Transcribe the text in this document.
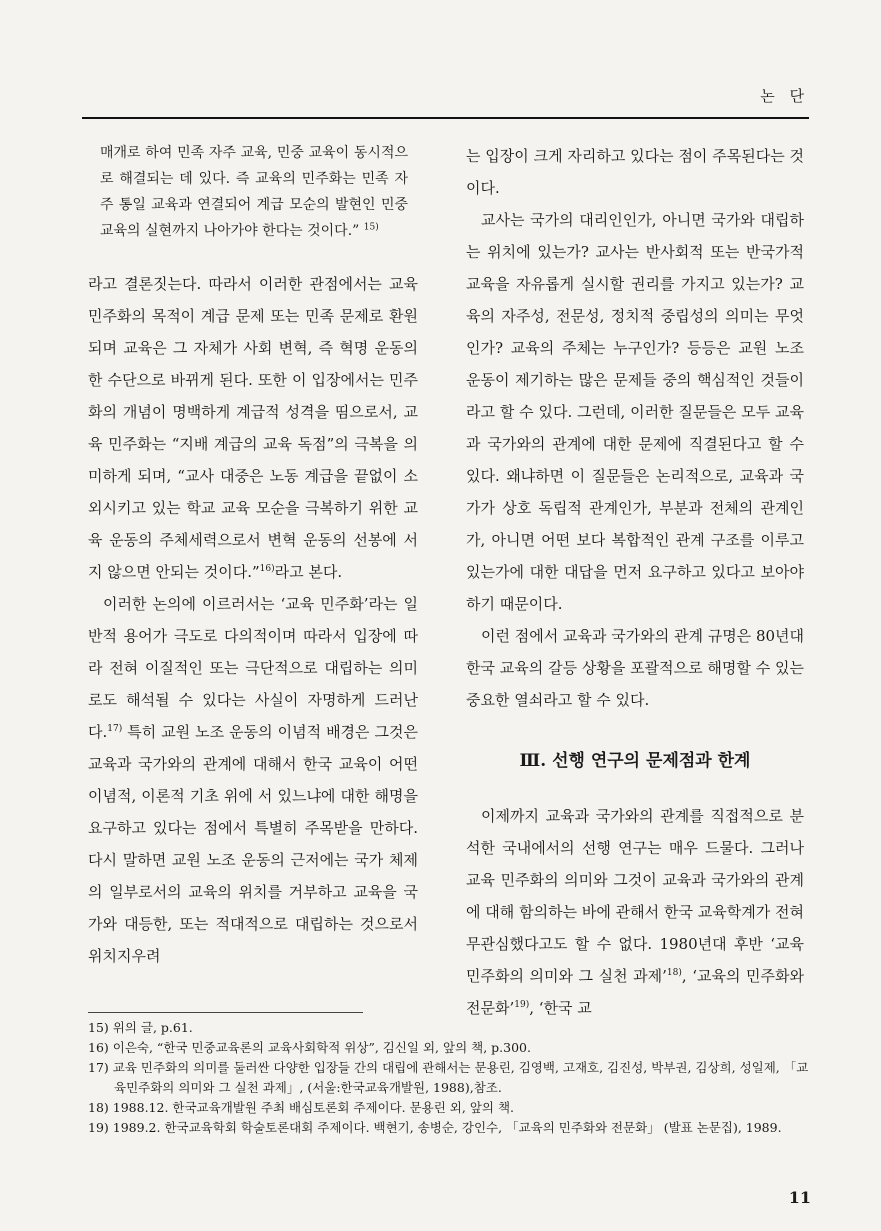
논 단

매개로 하여 민족 자주 교육, 민중 교육이 동시적으로 해결되는 데 있다. 즉 교육의 민주화는 민족 자주 통일 교육과 연결되어 계급 모순의 발현인 민중 교육의 실현까지 나아가야 한다는 것이다.” $^{15)}$

라고 결론짓는다. 따라서 이러한 관점에서는 교육 민주화의 목적이 계급 문제 또는 민족 문제로 환원되며 교육은 그 자체가 사회 변혁, 즉 혁명 운동의 한 수단으로 바뀌게 된다. 또한 이 입장에서는 민주화의 개념이 명백하게 계급적 성격을 띰으로서, 교육 민주화는 “지배 계급의 교육 독점”의 극복을 의미하게 되며, “교사 대중은 노동 계급을 끝없이 소외시키고 있는 학교 교육 모순을 극복하기 위한 교육 운동의 주체세력으로서 변혁 운동의 선봉에 서지 않으면 안되는 것이다.”$^{16)}$라고 본다.

이러한 논의에 이르러서는 ‘교육 민주화’라는 일반적 용어가 극도로 다의적이며 따라서 입장에 따라 전혀 이질적인 또는 극단적으로 대립하는 의미로도 해석될 수 있다는 사실이 자명하게 드러난다.$^{17)}$ 특히 교원 노조 운동의 이념적 배경은 그것은 교육과 국가와의 관계에 대해서 한국 교육이 어떤 이념적, 이론적 기초 위에 서 있느냐에 대한 해명을 요구하고 있다는 점에서 특별히 주목받을 만하다. 다시 말하면 교원 노조 운동의 근저에는 국가 체제의 일부로서의 교육의 위치를 거부하고 교육을 국가와 대등한, 또는 적대적으로 대립하는 것으로서 위치지우려

는 입장이 크게 자리하고 있다는 점이 주목된다는 것이다.

교사는 국가의 대리인인가, 아니면 국가와 대립하는 위치에 있는가? 교사는 반사회적 또는 반국가적 교육을 자유롭게 실시할 권리를 가지고 있는가? 교육의 자주성, 전문성, 정치적 중립성의 의미는 무엇인가? 교육의 주체는 누구인가? 등등은 교원 노조 운동이 제기하는 많은 문제들 중의 핵심적인 것들이라고 할 수 있다. 그런데, 이러한 질문들은 모두 교육과 국가와의 관계에 대한 문제에 직결된다고 할 수 있다. 왜냐하면 이 질문들은 논리적으로, 교육과 국가가 상호 독립적 관계인가, 부분과 전체의 관계인가, 아니면 어떤 보다 복합적인 관계 구조를 이루고 있는가에 대한 대답을 먼저 요구하고 있다고 보아야 하기 때문이다.

이런 점에서 교육과 국가와의 관계 규명은 80년대 한국 교육의 갈등 상황을 포괄적으로 해명할 수 있는 중요한 열쇠라고 할 수 있다.

Ⅲ. 선행 연구의 문제점과 한계

이제까지 교육과 국가와의 관계를 직접적으로 분석한 국내에서의 선행 연구는 매우 드물다. 그러나 교육 민주화의 의미와 그것이 교육과 국가와의 관계에 대해 함의하는 바에 관해서 한국 교육학계가 전혀 무관심했다고도 할 수 없다. 1980년대 후반 ‘교육 민주화의 의미와 그 실천 과제’$^{18)}$, ‘교육의 민주화와 전문화’$^{19)}$, ‘한국 교

15) 위의 글, p.61.

16) 이은숙, “한국 민중교육론의 교육사회학적 위상”, 김신일 외, 앞의 책, p.300.

17) 교육 민주화의 의미를 둘러싼 다양한 입장들 간의 대립에 관해서는 문용린, 김영백, 고재호, 김진성, 박부권, 김상희, 성일제, 「교육민주화의 의미와 그 실천 과제」, (서울:한국교육개발원, 1988),참조.

18) 1988.12. 한국교육개발원 주최 배심토론회 주제이다. 문용린 외, 앞의 책.

19) 1989.2. 한국교육학회 학술토론대회 주제이다. 백현기, 송병순, 강인수, 「교육의 민주화와 전문화」 (발표 논문집), 1989.

11
